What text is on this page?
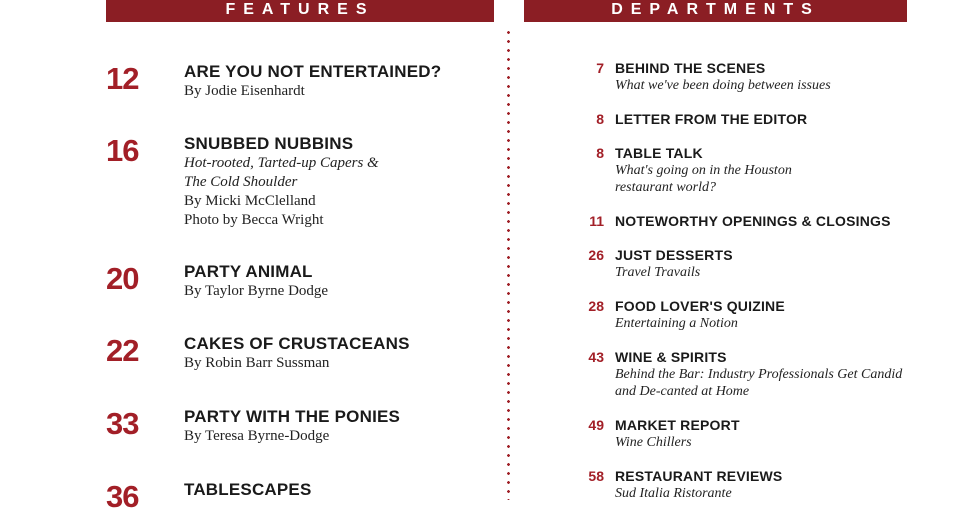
FEATURES	DEPARTMENTS
12	ARE YOU NOT ENTERTAINED?
By Jodie Eisenhardt
16	SNUBBED NUBBINS
Hot-rooted, Tarted-up Capers & The Cold Shoulder
By Micki McClelland
Photo by Becca Wright
20	PARTY ANIMAL
By Taylor Byrne Dodge
22	CAKES OF CRUSTACEANS
By Robin Barr Sussman
33	PARTY WITH THE PONIES
By Teresa Byrne-Dodge
36	TABLESCAPES
7 BEHIND THE SCENES
What we've been doing between issues
8 LETTER FROM THE EDITOR
8 TABLE TALK
What's going on in the Houston restaurant world?
11 NOTEWORTHY OPENINGS & CLOSINGS
26 JUST DESSERTS
Travel Travails
28 FOOD LOVER'S QUIZINE
Entertaining a Notion
43 WINE & SPIRITS
Behind the Bar: Industry Professionals Get Candid and De-canted at Home
49 MARKET REPORT
Wine Chillers
58 RESTAURANT REVIEWS
Sud Italia Ristorante
